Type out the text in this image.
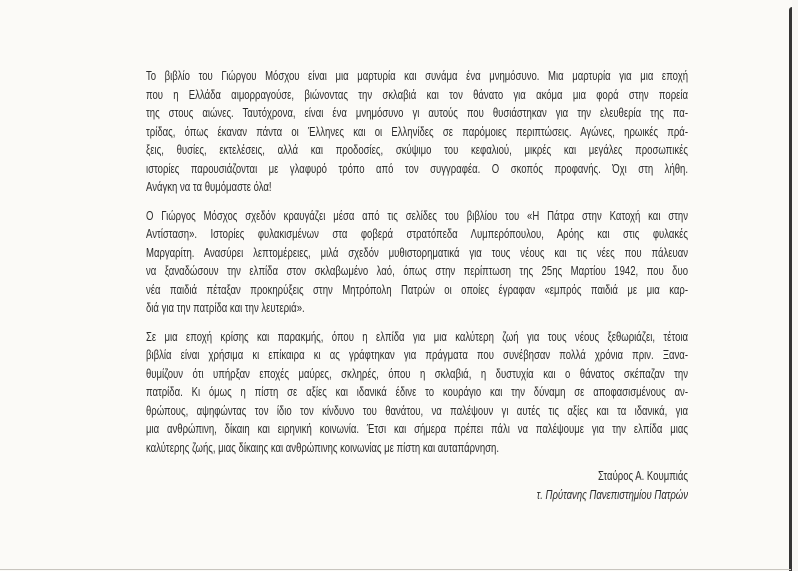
Το βιβλίο του Γιώργου Μόσχου είναι μια μαρτυρία και συνάμα ένα μνημόσυνο. Μια μαρτυρία για μια εποχή
που η Ελλάδα αιμορραγούσε, βιώνοντας την σκλαβιά και τον θάνατο για ακόμα μια φορά στην πορεία
της στους αιώνες. Ταυτόχρονα, είναι ένα μνημόσυνο γι αυτούς που θυσιάστηκαν για την ελευθερία της πα-
τρίδας, όπως έκαναν πάντα οι Έλληνες και οι Ελληνίδες σε παρόμοιες περιπτώσεις. Αγώνες, ηρωικές πρά-
ξεις, θυσίες, εκτελέσεις, αλλά και προδοσίες, σκύψιμο του κεφαλιού, μικρές και μεγάλες προσωπικές
ιστορίες παρουσιάζονται με γλαφυρό τρόπο από τον συγγραφέα. Ο σκοπός προφανής. Όχι στη λήθη.
Ανάγκη να τα θυμόμαστε όλα!
Ο Γιώργος Μόσχος σχεδόν κραυγάζει μέσα από τις σελίδες του βιβλίου του «Η Πάτρα στην Κατοχή και στην
Αντίσταση». Ιστορίες φυλακισμένων στα φοβερά στρατόπεδα Λυμπερόπουλου, Αρόης και στις φυλακές
Μαργαρίτη. Ανασύρει λεπτομέρειες, μιλά σχεδόν μυθιστορηματικά για τους νέους και τις νέες που πάλευαν
να ξαναδώσουν την ελπίδα στον σκλαβωμένο λαό, όπως στην περίπτωση της 25ης Μαρτίου 1942, που δυο
νέα παιδιά πέταξαν προκηρύξεις στην Μητρόπολη Πατρών οι οποίες έγραφαν «εμπρός παιδιά με μια καρ-
διά για την πατρίδα και την λευτεριά».
Σε μια εποχή κρίσης και παρακμής, όπου η ελπίδα για μια καλύτερη ζωή για τους νέους ξεθωριάζει, τέτοια
βιβλία είναι χρήσιμα κι επίκαιρα κι ας γράφτηκαν για πράγματα που συνέβησαν πολλά χρόνια πριν. Ξανα-
θυμίζουν ότι υπήρξαν εποχές μαύρες, σκληρές, όπου η σκλαβιά, η δυστυχία και ο θάνατος σκέπαζαν την
πατρίδα. Κι όμως η πίστη σε αξίες και ιδανικά έδινε το κουράγιο και την δύναμη σε αποφασισμένους αν-
θρώπους, αψηφώντας τον ίδιο τον κίνδυνο του θανάτου, να παλέψουν γι αυτές τις αξίες και τα ιδανικά, για
μια ανθρώπινη, δίκαιη και ειρηνική κοινωνία. Έτσι και σήμερα πρέπει πάλι να παλέψουμε για την ελπίδα μιας
καλύτερης ζωής, μιας δίκαιης και ανθρώπινης κοινωνίας με πίστη και αυταπάρνηση.
Σταύρος Α. Κουμπιάς
τ. Πρύτανης Πανεπιστημίου Πατρών
